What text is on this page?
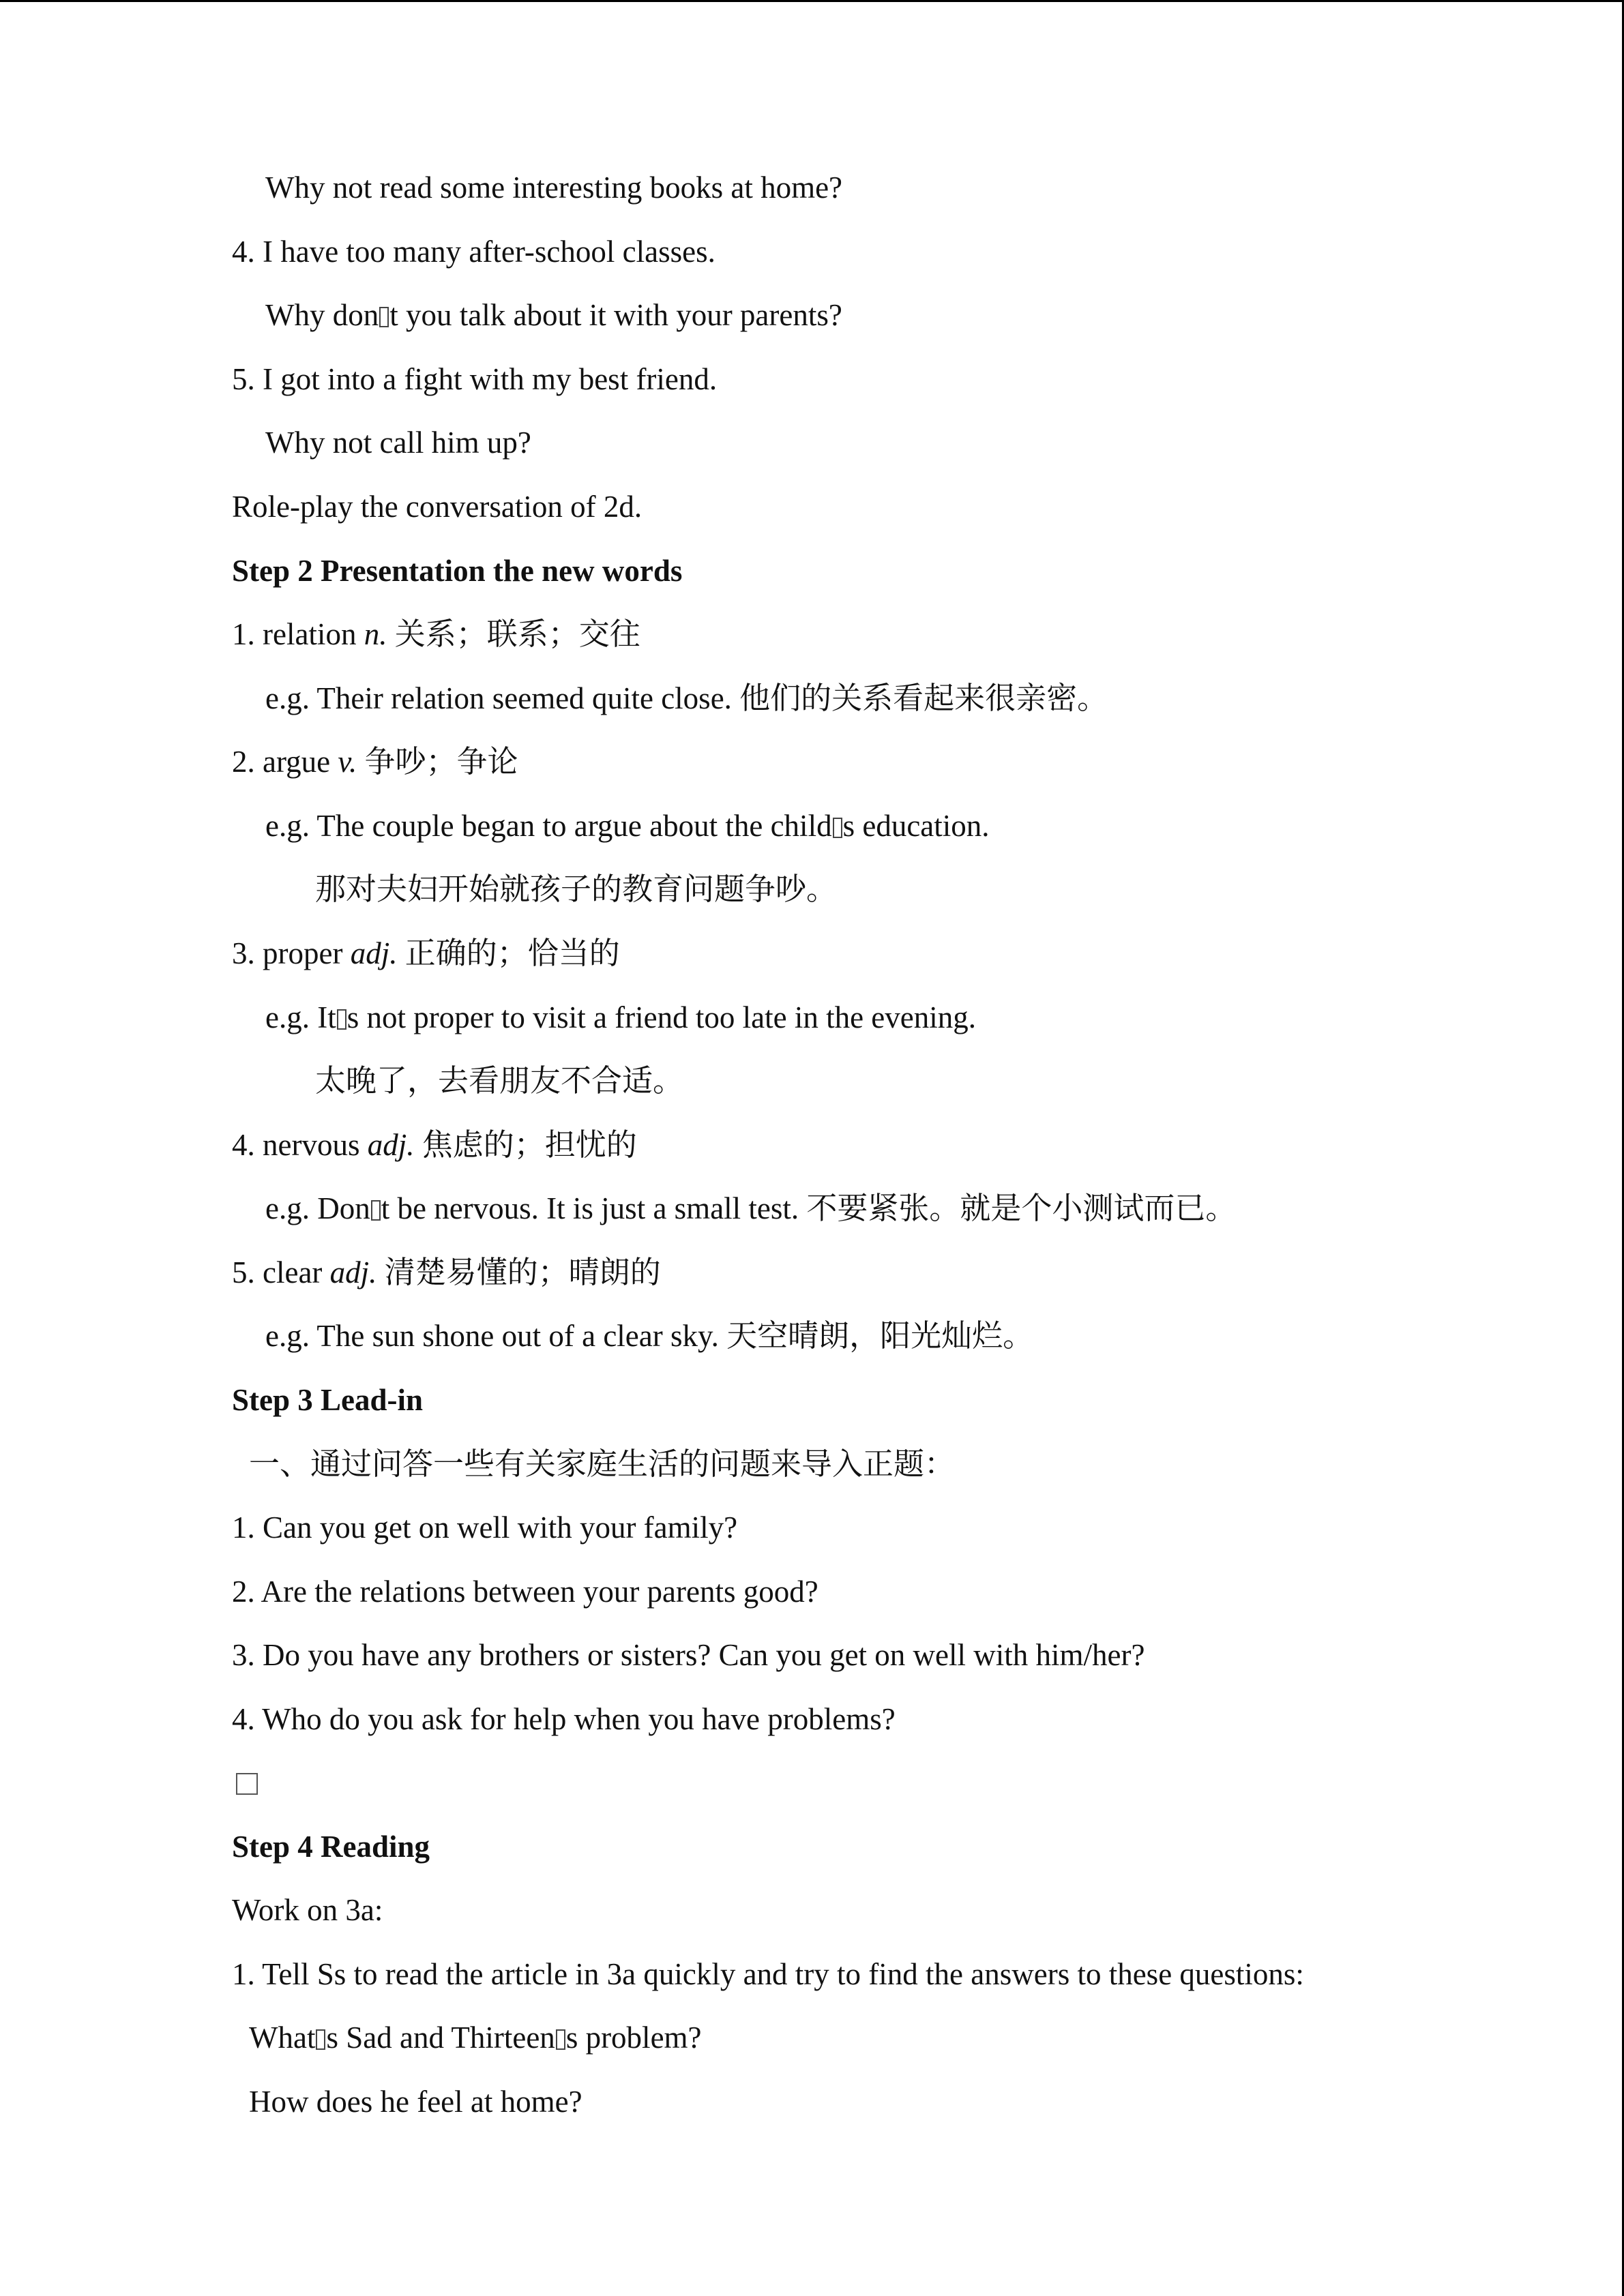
Why not read some interesting books at home?
4. I have too many after-school classes.
Why don t you talk about it with your parents?
5. I got into a fight with my best friend.
Why not call him up?
Role-play the conversation of 2d.
Step 2 Presentation the new words
1. relation n. 关系；联系；交往
e.g. Their relation seemed quite close. 他们的关系看起来很亲密。
2. argue v. 争吵；争论
e.g. The couple began to argue about the child s education.
那对夫妇开始就孩子的教育问题争吵。
3. proper adj. 正确的；恰当的
e.g. It s not proper to visit a friend too late in the evening.
太晚了，去看朋友不合适。
4. nervous adj. 焦虑的；担忧的
e.g. Don t be nervous. It is just a small test. 不要紧张。就是个小测试而已。
5. clear adj. 清楚易懂的；晴朗的
e.g. The sun shone out of a clear sky. 天空晴朗，阳光灿烂。
Step 3 Lead-in
一、通过问答一些有关家庭生活的问题来导入正题：
1. Can you get on well with your family?
2. Are the relations between your parents good?
3. Do you have any brothers or sisters? Can you get on well with him/her?
4. Who do you ask for help when you have problems?
Step 4 Reading
Work on 3a:
1. Tell Ss to read the article in 3a quickly and try to find the answers to these questions:
What s Sad and Thirteen s problem?
How does he feel at home?
